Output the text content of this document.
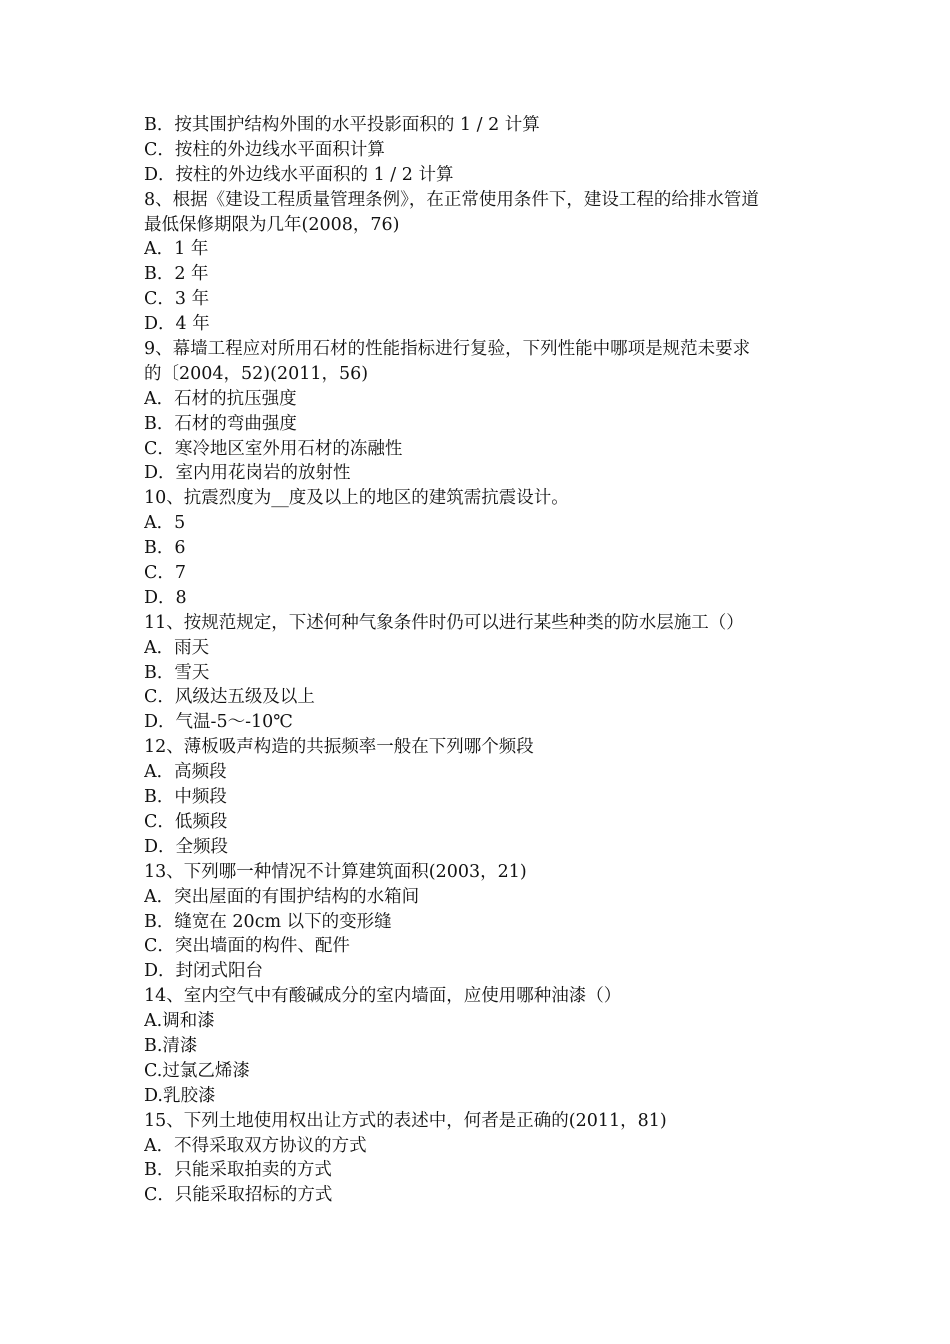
B．按其围护结构外围的水平投影面积的 1 / 2 计算
C．按柱的外边线水平面积计算
D．按柱的外边线水平面积的 1 / 2 计算
8、根据《建设工程质量管理条例》，在正常使用条件下，建设工程的给排水管道
最低保修期限为几年(2008，76)
A．1 年
B．2 年
C．3 年
D．4 年
9、幕墙工程应对所用石材的性能指标进行复验，下列性能中哪项是规范未要求
的〔2004，52)(2011，56)
A．石材的抗压强度
B．石材的弯曲强度
C．寒冷地区室外用石材的冻融性
D．室内用花岗岩的放射性
10、抗震烈度为__度及以上的地区的建筑需抗震设计。
A．5
B．6
C．7
D．8
11、按规范规定，下述何种气象条件时仍可以进行某些种类的防水层施工（）
A．雨天
B．雪天
C．风级达五级及以上
D．气温-5～-10℃
12、薄板吸声构造的共振频率一般在下列哪个频段
A．高频段
B．中频段
C．低频段
D．全频段
13、下列哪一种情况不计算建筑面积(2003，21)
A．突出屋面的有围护结构的水箱间
B．缝宽在 20cm 以下的变形缝
C．突出墙面的构件、配件
D．封闭式阳台
14、室内空气中有酸碱成分的室内墙面，应使用哪种油漆（）
A.调和漆
B.清漆
C.过氯乙烯漆
D.乳胶漆
15、下列土地使用权出让方式的表述中，何者是正确的(2011，81)
A．不得采取双方协议的方式
B．只能采取拍卖的方式
C．只能采取招标的方式
